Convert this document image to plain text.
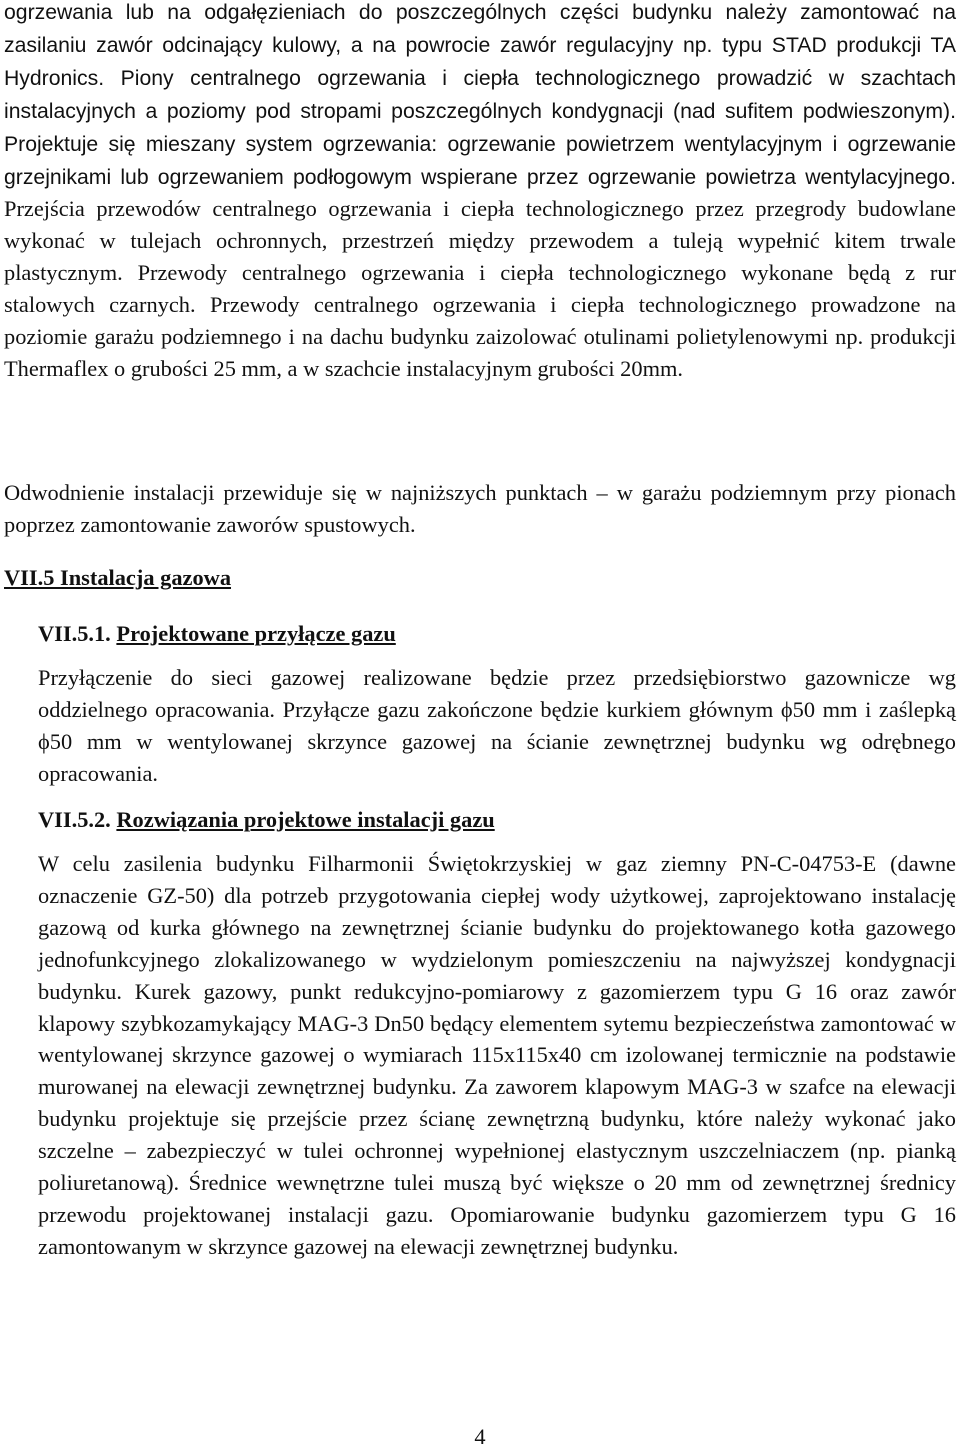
ogrzewania lub na odgałęzieniach do poszczególnych części budynku należy zamontować na zasilaniu zawór odcinający kulowy, a na powrocie zawór regulacyjny np. typu STAD produkcji TA Hydronics. Piony centralnego ogrzewania i ciepła technologicznego prowadzić w szachtach instalacyjnych a poziomy pod stropami poszczególnych kondygnacji (nad sufitem podwieszonym). Projektuje się mieszany system ogrzewania: ogrzewanie powietrzem wentylacyjnym i ogrzewanie grzejnikami lub ogrzewaniem podłogowym wspierane przez ogrzewanie powietrza wentylacyjnego. Przejścia przewodów centralnego ogrzewania i ciepła technologicznego przez przegrody budowlane wykonać w tulejach ochronnych, przestrzeń między przewodem a tuleją wypełnić kitem trwale plastycznym. Przewody centralnego ogrzewania i ciepła technologicznego wykonane będą z rur stalowych czarnych. Przewody centralnego ogrzewania i ciepła technologicznego prowadzone na poziomie garażu podziemnego i na dachu budynku zaizolować otulinami polietylenowymi np. produkcji Thermaflex o grubości 25 mm, a w szachcie instalacyjnym grubości 20mm.

Odwodnienie instalacji przewiduje się w najniższych punktach – w garażu podziemnym przy pionach poprzez zamontowanie zaworów spustowych.

VII.5 Instalacja gazowa
VII.5.1. Projektowane przyłącze gazu

Przyłączenie do sieci gazowej realizowane będzie przez przedsiębiorstwo gazownicze wg oddzielnego opracowania. Przyłącze gazu zakończone będzie kurkiem głównym ϕ50 mm i zaślepką ϕ50 mm w wentylowanej skrzynce gazowej na ścianie zewnętrznej budynku wg odrębnego opracowania.

VII.5.2. Rozwiązania projektowe instalacji gazu

W celu zasilenia budynku Filharmonii Świętokrzyskiej w gaz ziemny PN-C-04753-E (dawne oznaczenie GZ-50) dla potrzeb przygotowania ciepłej wody użytkowej, zaprojektowano instalację gazową od kurka głównego na zewnętrznej ścianie budynku do projektowanego kotła gazowego jednofunkcyjnego zlokalizowanego w wydzielonym pomieszczeniu na najwyższej kondygnacji budynku. Kurek gazowy, punkt redukcyjno-pomiarowy z gazomierzem typu G 16 oraz zawór klapowy szybkozamykający MAG-3 Dn50 będący elementem sytemu bezpieczeństwa zamontować w wentylowanej skrzynce gazowej o wymiarach 115x115x40 cm izolowanej termicznie na podstawie murowanej na elewacji zewnętrznej budynku. Za zaworem klapowym MAG-3 w szafce na elewacji budynku projektuje się przejście przez ścianę zewnętrzną budynku, które należy wykonać jako szczelne – zabezpieczyć w tulei ochronnej wypełnionej elastycznym uszczelniaczem (np. pianką poliuretanową). Średnice wewnętrzne tulei muszą być większe o 20 mm od zewnętrznej średnicy przewodu projektowanej instalacji gazu. Opomiarowanie budynku gazomierzem typu G 16 zamontowanym w skrzynce gazowej na elewacji zewnętrznej budynku.

4
